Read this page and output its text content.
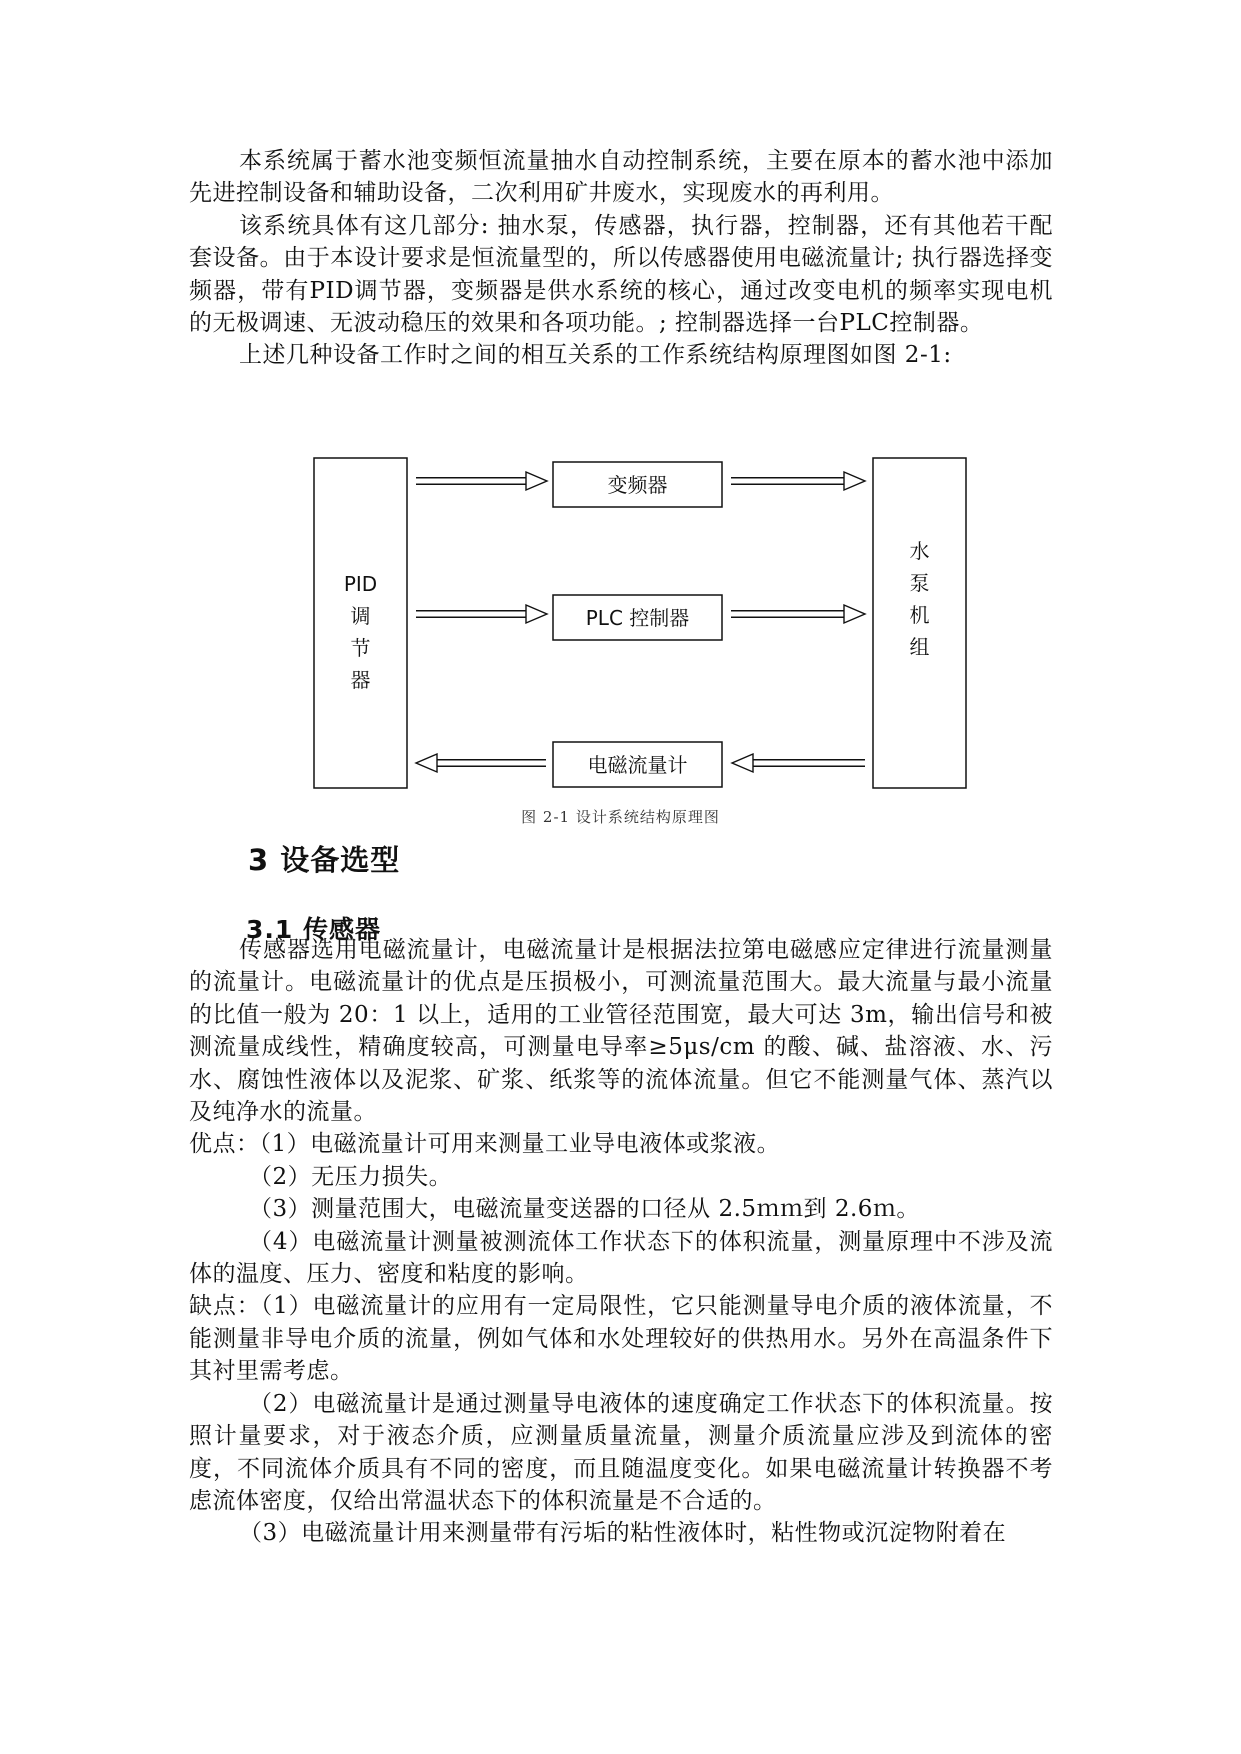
本系统属于蓄水池变频恒流量抽水自动控制系统，主要在原本的蓄水池中添加先进控制设备和辅助设备，二次利用矿井废水，实现废水的再利用。

该系统具体有这几部分: 抽水泵，传感器，执行器，控制器，还有其他若干配套设备。由于本设计要求是恒流量型的，所以传感器使用电磁流量计; 执行器选择变频器，带有PID调节器，变频器是供水系统的核心，通过改变电机的频率实现电机的无极调速、无波动稳压的效果和各项功能。; 控制器选择一台PLC控制器。

上述几种设备工作时之间的相互关系的工作系统结构原理图如图 2-1:

PID
调
节
器
水
泵
机
组
变频器
PLC 控制器
电磁流量计
图 2-1 设计系统结构原理图
3 设备选型
3.1 传感器

传感器选用电磁流量计，电磁流量计是根据法拉第电磁感应定律进行流量测量的流量计。电磁流量计的优点是压损极小，可测流量范围大。最大流量与最小流量的比值一般为 20：1 以上，适用的工业管径范围宽，最大可达 3m，输出信号和被测流量成线性，精确度较高，可测量电导率≥5μs/cm 的酸、碱、盐溶液、水、污水、腐蚀性液体以及泥浆、矿浆、纸浆等的流体流量。但它不能测量气体、蒸汽以及纯净水的流量。

优点：（1）电磁流量计可用来测量工业导电液体或浆液。

（2）无压力损失。

（3）测量范围大，电磁流量变送器的口径从 2.5ｍｍ到 2.6ｍ。

（4）电磁流量计测量被测流体工作状态下的体积流量，测量原理中不涉及流体的温度、压力、密度和粘度的影响。

缺点：（1）电磁流量计的应用有一定局限性，它只能测量导电介质的液体流量，不能测量非导电介质的流量，例如气体和水处理较好的供热用水。另外在高温条件下其衬里需考虑。

（2）电磁流量计是通过测量导电液体的速度确定工作状态下的体积流量。按照计量要求，对于液态介质，应测量质量流量，测量介质流量应涉及到流体的密度，不同流体介质具有不同的密度，而且随温度变化。如果电磁流量计转换器不考虑流体密度，仅给出常温状态下的体积流量是不合适的。

（3）电磁流量计用来测量带有污垢的粘性液体时，粘性物或沉淀物附着在
